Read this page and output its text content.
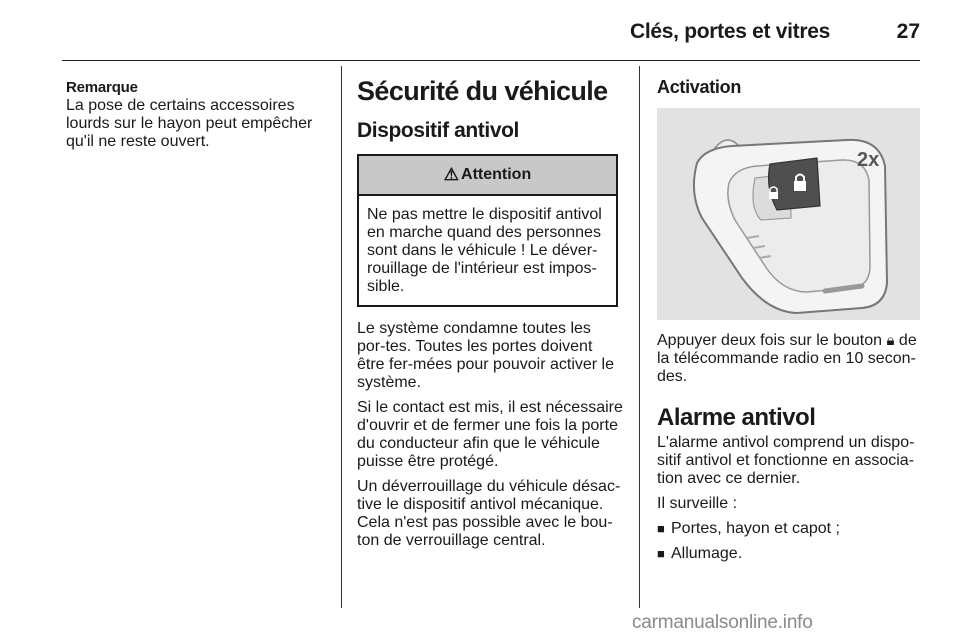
Clés, portes et vitres	27

Remarque

La pose de certains accessoires lourds sur le hayon peut empêcher qu'il ne reste ouvert.

Sécurité du véhicule
Dispositif antivol
⚠ Attention
Ne pas mettre le dispositif antivol en marche quand des personnes sont dans le véhicule ! Le déver-rouillage de l'intérieur est impos-sible.

Le système condamne toutes les por-tes. Toutes les portes doivent être fer-mées pour pouvoir activer le système.

Si le contact est mis, il est nécessaire d'ouvrir et de fermer une fois la porte du conducteur afin que le véhicule puisse être protégé.

Un déverrouillage du véhicule désac-tive le dispositif antivol mécanique. Cela n'est pas possible avec le bou-ton de verrouillage central.

Activation
2x

Appuyer deux fois sur le bouton 🔒︎ de la télécommande radio en 10 secon-des.

Alarme antivol

L'alarme antivol comprend un dispo-sitif antivol et fonctionne en associa-tion avec ce dernier.

Il surveille :

■ Portes, hayon et capot ;
■ Allumage.
carmanualsonline.info
